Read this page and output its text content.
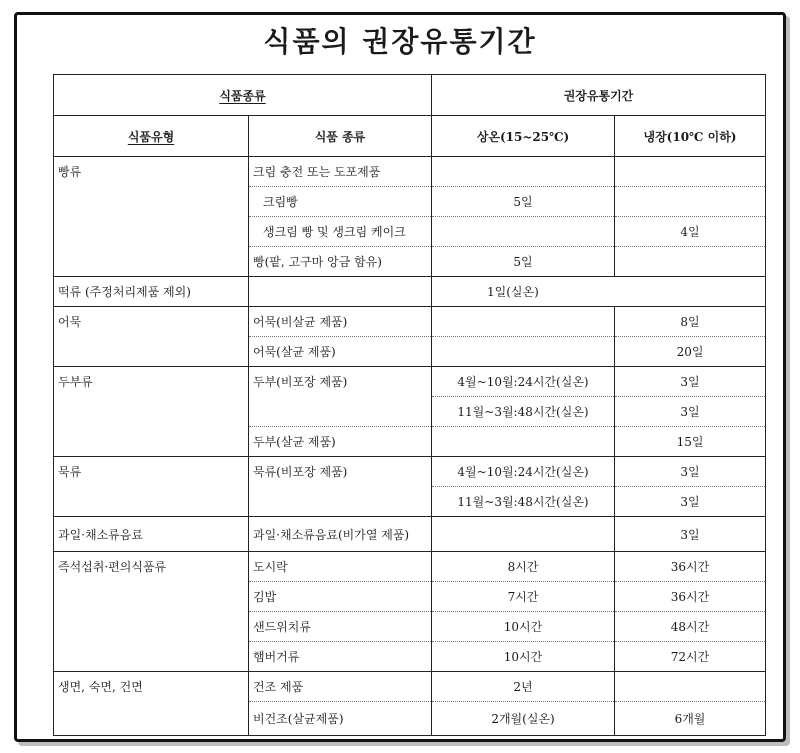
식품의 권장유통기간
식품종류		권장유통기간	
식품유형	식품 종류	상온(15~25℃)	냉장(10℃ 이하)
빵류	크림 충전 또는 도포제품		
	크림빵	5일	
	생크림 빵 및 생크림 케이크		4일
	빵(팥, 고구마 앙금 함유)	5일	
떡류 (주정처리제품 제외)		1일(실온)	
어묵	어묵(비살균 제품)		8일
	어묵(살균 제품)		20일
두부류	두부(비포장 제품)	4월~10월:24시간(실온)	3일
		11월~3월:48시간(실온)	3일
	두부(살균 제품)		15일
묵류	묵류(비포장 제품)	4월~10월:24시간(실온)	3일
		11월~3월:48시간(실온)	3일
과일·채소류음료	과일·채소류음료(비가열 제품)		3일
즉석섭취·편의식품류	도시락	8시간	36시간
	김밥	7시간	36시간
	샌드위치류	10시간	48시간
	햄버거류	10시간	72시간
생면, 숙면, 건면	건조 제품	2년	
	비건조(살균제품)	2개월(실온)	6개월
